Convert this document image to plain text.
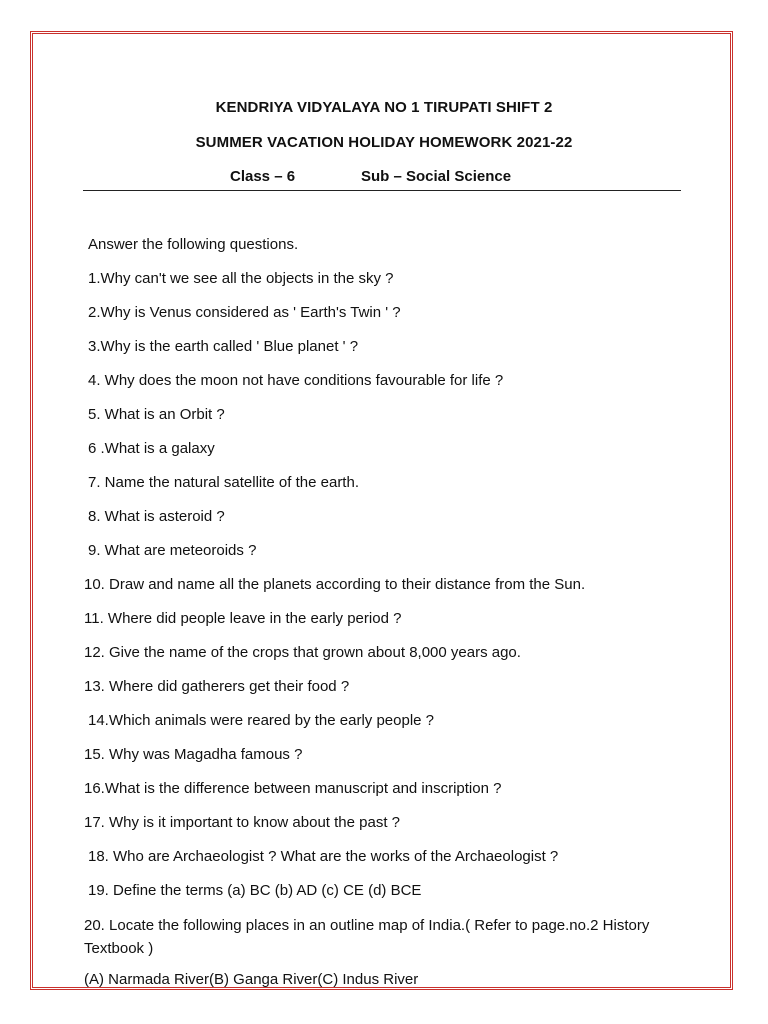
KENDRIYA VIDYALAYA NO 1 TIRUPATI SHIFT 2
SUMMER VACATION HOLIDAY HOMEWORK 2021-22
Class – 6	Sub – Social Science
Answer the following questions.
1.Why can't we see all the objects in the sky ?
2.Why is Venus considered as ' Earth's Twin ' ?
3.Why is the earth called ' Blue planet ' ?
4. Why does the moon not have conditions favourable for life ?
5. What is an Orbit ?
6 .What is a galaxy
7. Name the natural satellite of the earth.
8. What is asteroid ?
9. What are meteoroids ?
10. Draw and name all the planets according to their distance from the Sun.
11. Where did people leave in the early period ?
12. Give the name of the crops that grown about 8,000 years ago.
13. Where did gatherers get their food ?
14.Which animals were reared by the early people ?
15. Why was Magadha famous ?
16.What is the difference between manuscript and inscription ?
17. Why is it important to know about the past ?
18. Who are Archaeologist ? What are the works of the Archaeologist ?
19. Define the terms (a) BC (b) AD (c) CE (d) BCE
20. Locate the following places in an outline map of India.( Refer to page.no.2 History Textbook )
(A) Narmada River(B) Ganga River(C) Indus River
